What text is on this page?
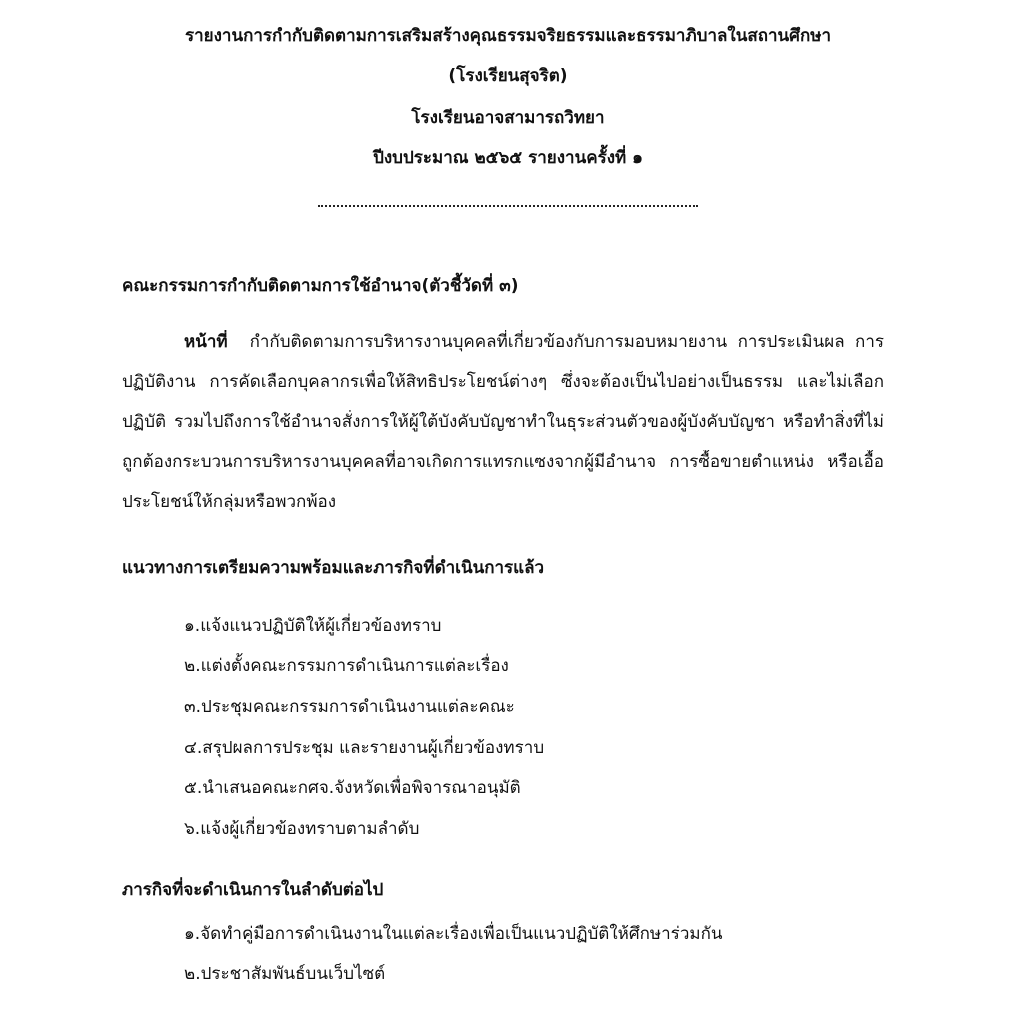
รายงานการกำกับติดตามการเสริมสร้างคุณธรรมจริยธรรมและธรรมาภิบาลในสถานศึกษา
(โรงเรียนสุจริต)
โรงเรียนอาจสามารถวิทยา
ปีงบประมาณ ๒๕๖๕ รายงานครั้งที่ ๑
คณะกรรมการกำกับติดตามการใช้อำนาจ(ตัวชี้วัดที่ ๓)
หน้าที่ กำกับติดตามการบริหารงานบุคคลที่เกี่ยวข้องกับการมอบหมายงาน การประเมินผล การ
ปฏิบัติงาน การคัดเลือกบุคลากรเพื่อให้สิทธิประโยชน์ต่างๆ ซึ่งจะต้องเป็นไปอย่างเป็นธรรม และไม่เลือก
ปฏิบัติ รวมไปถึงการใช้อำนาจสั่งการให้ผู้ใต้บังคับบัญชาทำในธุระส่วนตัวของผู้บังคับบัญชา หรือทำสิ่งที่ไม่
ถูกต้องกระบวนการบริหารงานบุคคลที่อาจเกิดการแทรกแซงจากผู้มีอำนาจ การซื้อขายตำแหน่ง หรือเอื้อ
ประโยชน์ให้กลุ่มหรือพวกพ้อง
แนวทางการเตรียมความพร้อมและภารกิจที่ดำเนินการแล้ว
๑.แจ้งแนวปฏิบัติให้ผู้เกี่ยวข้องทราบ
๒.แต่งตั้งคณะกรรมการดำเนินการแต่ละเรื่อง
๓.ประชุมคณะกรรมการดำเนินงานแต่ละคณะ
๔.สรุปผลการประชุม และรายงานผู้เกี่ยวข้องทราบ
๕.นำเสนอคณะกศจ.จังหวัดเพื่อพิจารณาอนุมัติ
๖.แจ้งผู้เกี่ยวข้องทราบตามลำดับ
ภารกิจที่จะดำเนินการในลำดับต่อไป
๑.จัดทำคู่มือการดำเนินงานในแต่ละเรื่องเพื่อเป็นแนวปฏิบัติให้ศึกษาร่วมกัน
๒.ประชาสัมพันธ์บนเว็บไซต์
